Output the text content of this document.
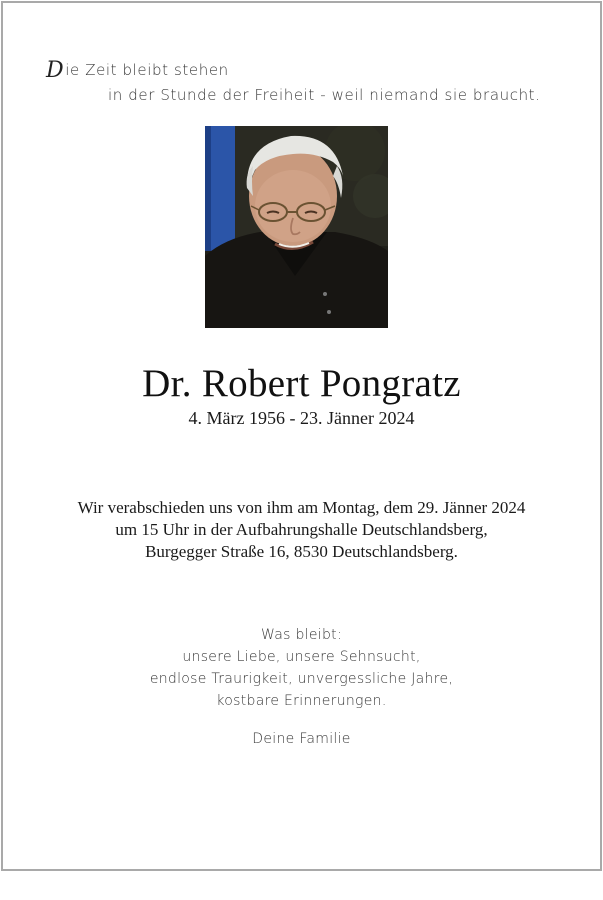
Die Zeit bleibt stehen
in der Stunde der Freiheit - weil niemand sie braucht.
Dr. Robert Pongratz
4. März 1956 - 23. Jänner 2024
Wir verabschieden uns von ihm am Montag, dem 29. Jänner 2024
um 15 Uhr in der Aufbahrungshalle Deutschlandsberg,
Burgegger Straße 16, 8530 Deutschlandsberg.
Was bleibt:
unsere Liebe, unsere Sehnsucht,
endlose Traurigkeit, unvergessliche Jahre,
kostbare Erinnerungen.
Deine Familie
